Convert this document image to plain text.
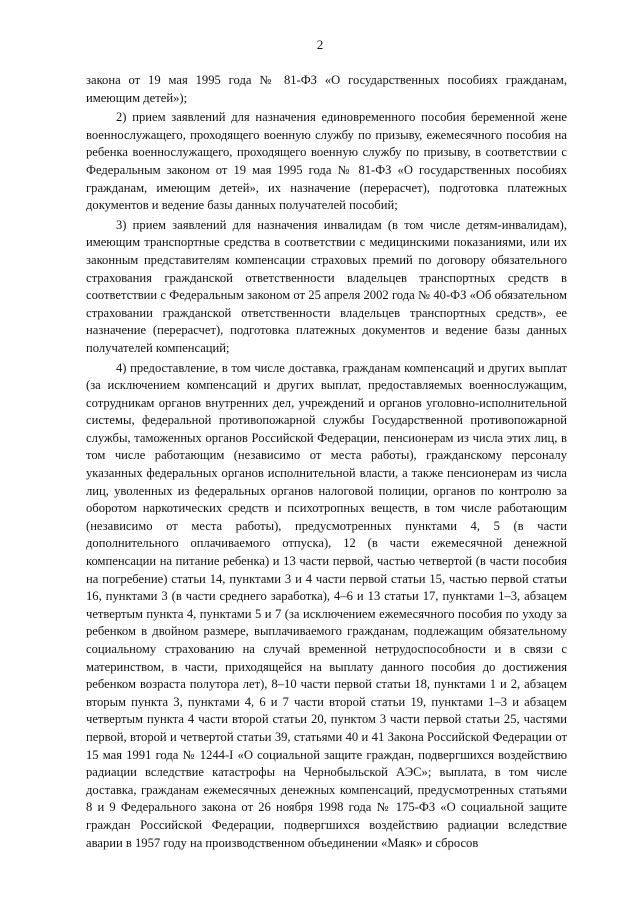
2

закона от 19 мая 1995 года № 81-ФЗ «О государственных пособиях гражданам, имеющим детей»);

2) прием заявлений для назначения единовременного пособия беременной жене военнослужащего, проходящего военную службу по призыву, ежемесячного пособия на ребенка военнослужащего, проходящего военную службу по призыву, в соответствии с Федеральным законом от 19 мая 1995 года № 81-ФЗ «О государственных пособиях гражданам, имеющим детей», их назначение (перерасчет), подготовка платежных документов и ведение базы данных получателей пособий;

3) прием заявлений для назначения инвалидам (в том числе детям-инвалидам), имеющим транспортные средства в соответствии с медицинскими показаниями, или их законным представителям компенсации страховых премий по договору обязательного страхования гражданской ответственности владельцев транспортных средств в соответствии с Федеральным законом от 25 апреля 2002 года № 40-ФЗ «Об обязательном страховании гражданской ответственности владельцев транспортных средств», ее назначение (перерасчет), подготовка платежных документов и ведение базы данных получателей компенсаций;

4) предоставление, в том числе доставка, гражданам компенсаций и других выплат (за исключением компенсаций и других выплат, предоставляемых военнослужащим, сотрудникам органов внутренних дел, учреждений и органов уголовно-исполнительной системы, федеральной противопожарной службы Государственной противопожарной службы, таможенных органов Российской Федерации, пенсионерам из числа этих лиц, в том числе работающим (независимо от места работы), гражданскому персоналу указанных федеральных органов исполнительной власти, а также пенсионерам из числа лиц, уволенных из федеральных органов налоговой полиции, органов по контролю за оборотом наркотических средств и психотропных веществ, в том числе работающим (независимо от места работы), предусмотренных пунктами 4, 5 (в части дополнительного оплачиваемого отпуска), 12 (в части ежемесячной денежной компенсации на питание ребенка) и 13 части первой, частью четвертой (в части пособия на погребение) статьи 14, пунктами 3 и 4 части первой статьи 15, частью первой статьи 16, пунктами 3 (в части среднего заработка), 4–6 и 13 статьи 17, пунктами 1–3, абзацем четвертым пункта 4, пунктами 5 и 7 (за исключением ежемесячного пособия по уходу за ребенком в двойном размере, выплачиваемого гражданам, подлежащим обязательному социальному страхованию на случай временной нетрудоспособности и в связи с материнством, в части, приходящейся на выплату данного пособия до достижения ребенком возраста полутора лет), 8–10 части первой статьи 18, пунктами 1 и 2, абзацем вторым пункта 3, пунктами 4, 6 и 7 части второй статьи 19, пунктами 1–3 и абзацем четвертым пункта 4 части второй статьи 20, пунктом 3 части первой статьи 25, частями первой, второй и четвертой статьи 39, статьями 40 и 41 Закона Российской Федерации от 15 мая 1991 года № 1244-I «О социальной защите граждан, подвергшихся воздействию радиации вследствие катастрофы на Чернобыльской АЭС»; выплата, в том числе доставка, гражданам ежемесячных денежных компенсаций, предусмотренных статьями 8 и 9 Федерального закона от 26 ноября 1998 года № 175-ФЗ «О социальной защите граждан Российской Федерации, подвергшихся воздействию радиации вследствие аварии в 1957 году на производственном объединении «Маяк» и сбросов
